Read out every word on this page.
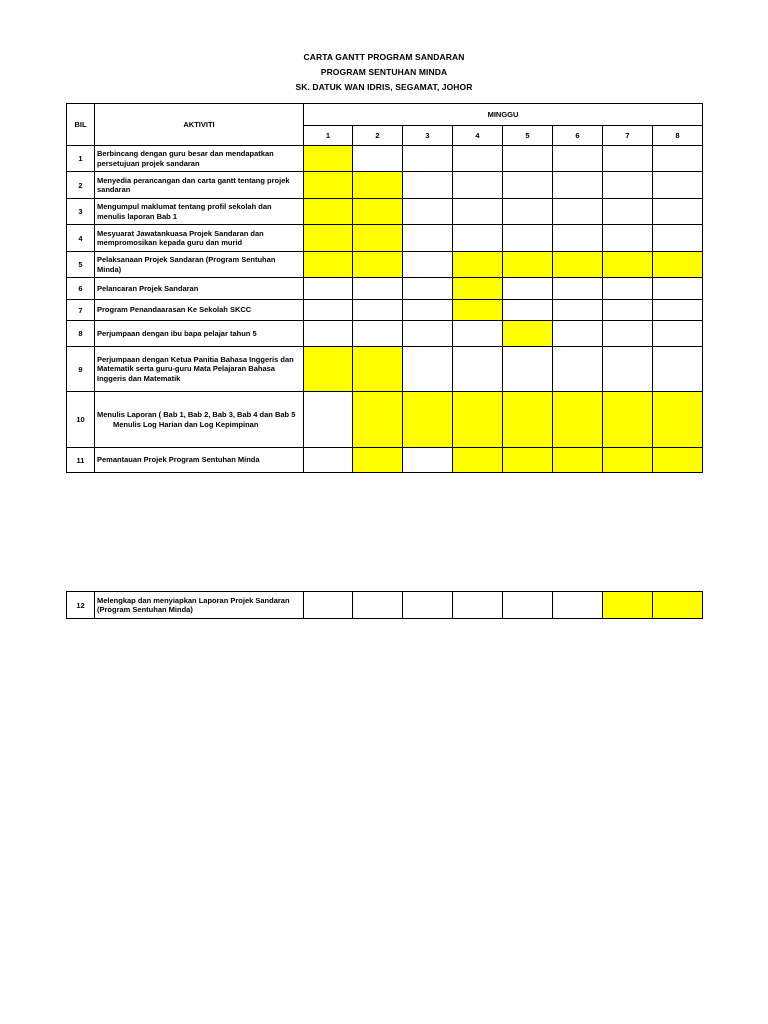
CARTA GANTT PROGRAM SANDARAN
PROGRAM SENTUHAN MINDA
SK. DATUK WAN IDRIS, SEGAMAT, JOHOR
BIL	AKTIVITI	MINGGU							
		1	2	3	4	5	6	7	8
1	Berbincang dengan guru besar dan mendapatkan persetujuan projek sandaran								
2	Menyedia perancangan dan carta gantt tentang projek sandaran								
3	Mengumpul maklumat tentang profil sekolah dan menulis laporan Bab 1								
4	Mesyuarat Jawatankuasa Projek Sandaran dan mempromosikan kepada guru dan murid								
5	Pelaksanaan Projek Sandaran (Program Sentuhan Minda)								
6	Pelancaran Projek Sandaran								
7	Program Penandaarasan Ke Sekolah SKCC								
8	Perjumpaan dengan ibu bapa pelajar tahun 5								
9	Perjumpaan dengan Ketua Panitia Bahasa Inggeris dan Matematik serta guru-guru Mata Pelajaran Bahasa Inggeris dan Matematik								
10	Menulis Laporan ( Bab 1, Bab 2, Bab 3, Bab 4 dan Bab 5
Menulis Log Harian dan Log Kepimpinan								
11	Pemantauan Projek Program Sentuhan Minda								
12	Melengkap dan menyiapkan Laporan Projek Sandaran (Program Sentuhan Minda)								
